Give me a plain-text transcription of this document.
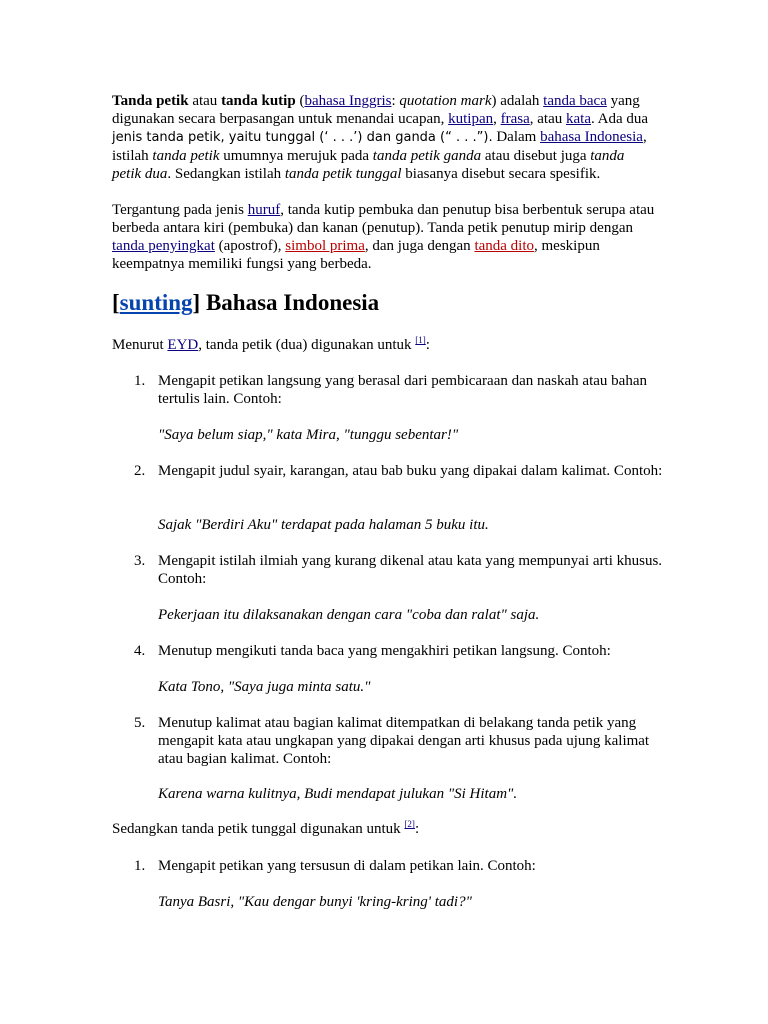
Tanda petik atau tanda kutip (bahasa Inggris: quotation mark) adalah tanda baca yang digunakan secara berpasangan untuk menandai ucapan, kutipan, frasa, atau kata. Ada dua jenis tanda petik, yaitu tunggal (‘ . . .’) dan ganda (“ . . .”). Dalam bahasa Indonesia, istilah tanda petik umumnya merujuk pada tanda petik ganda atau disebut juga tanda petik dua. Sedangkan istilah tanda petik tunggal biasanya disebut secara spesifik.
Tergantung pada jenis huruf, tanda kutip pembuka dan penutup bisa berbentuk serupa atau berbeda antara kiri (pembuka) dan kanan (penutup). Tanda petik penutup mirip dengan tanda penyingkat (apostrof), simbol prima, dan juga dengan tanda dito, meskipun keempatnya memiliki fungsi yang berbeda.
[sunting] Bahasa Indonesia
Menurut EYD, tanda petik (dua) digunakan untuk [1]:
1. Mengapit petikan langsung yang berasal dari pembicaraan dan naskah atau bahan tertulis lain. Contoh:
"Saya belum siap," kata Mira, "tunggu sebentar!"
2. Mengapit judul syair, karangan, atau bab buku yang dipakai dalam kalimat. Contoh:
Sajak "Berdiri Aku" terdapat pada halaman 5 buku itu.
3. Mengapit istilah ilmiah yang kurang dikenal atau kata yang mempunyai arti khusus. Contoh:
Pekerjaan itu dilaksanakan dengan cara "coba dan ralat" saja.
4. Menutup mengikuti tanda baca yang mengakhiri petikan langsung. Contoh:
Kata Tono, "Saya juga minta satu."
5. Menutup kalimat atau bagian kalimat ditempatkan di belakang tanda petik yang mengapit kata atau ungkapan yang dipakai dengan arti khusus pada ujung kalimat atau bagian kalimat. Contoh:
Karena warna kulitnya, Budi mendapat julukan "Si Hitam".
Sedangkan tanda petik tunggal digunakan untuk [2]:
1. Mengapit petikan yang tersusun di dalam petikan lain. Contoh:
Tanya Basri, "Kau dengar bunyi 'kring-kring' tadi?"
